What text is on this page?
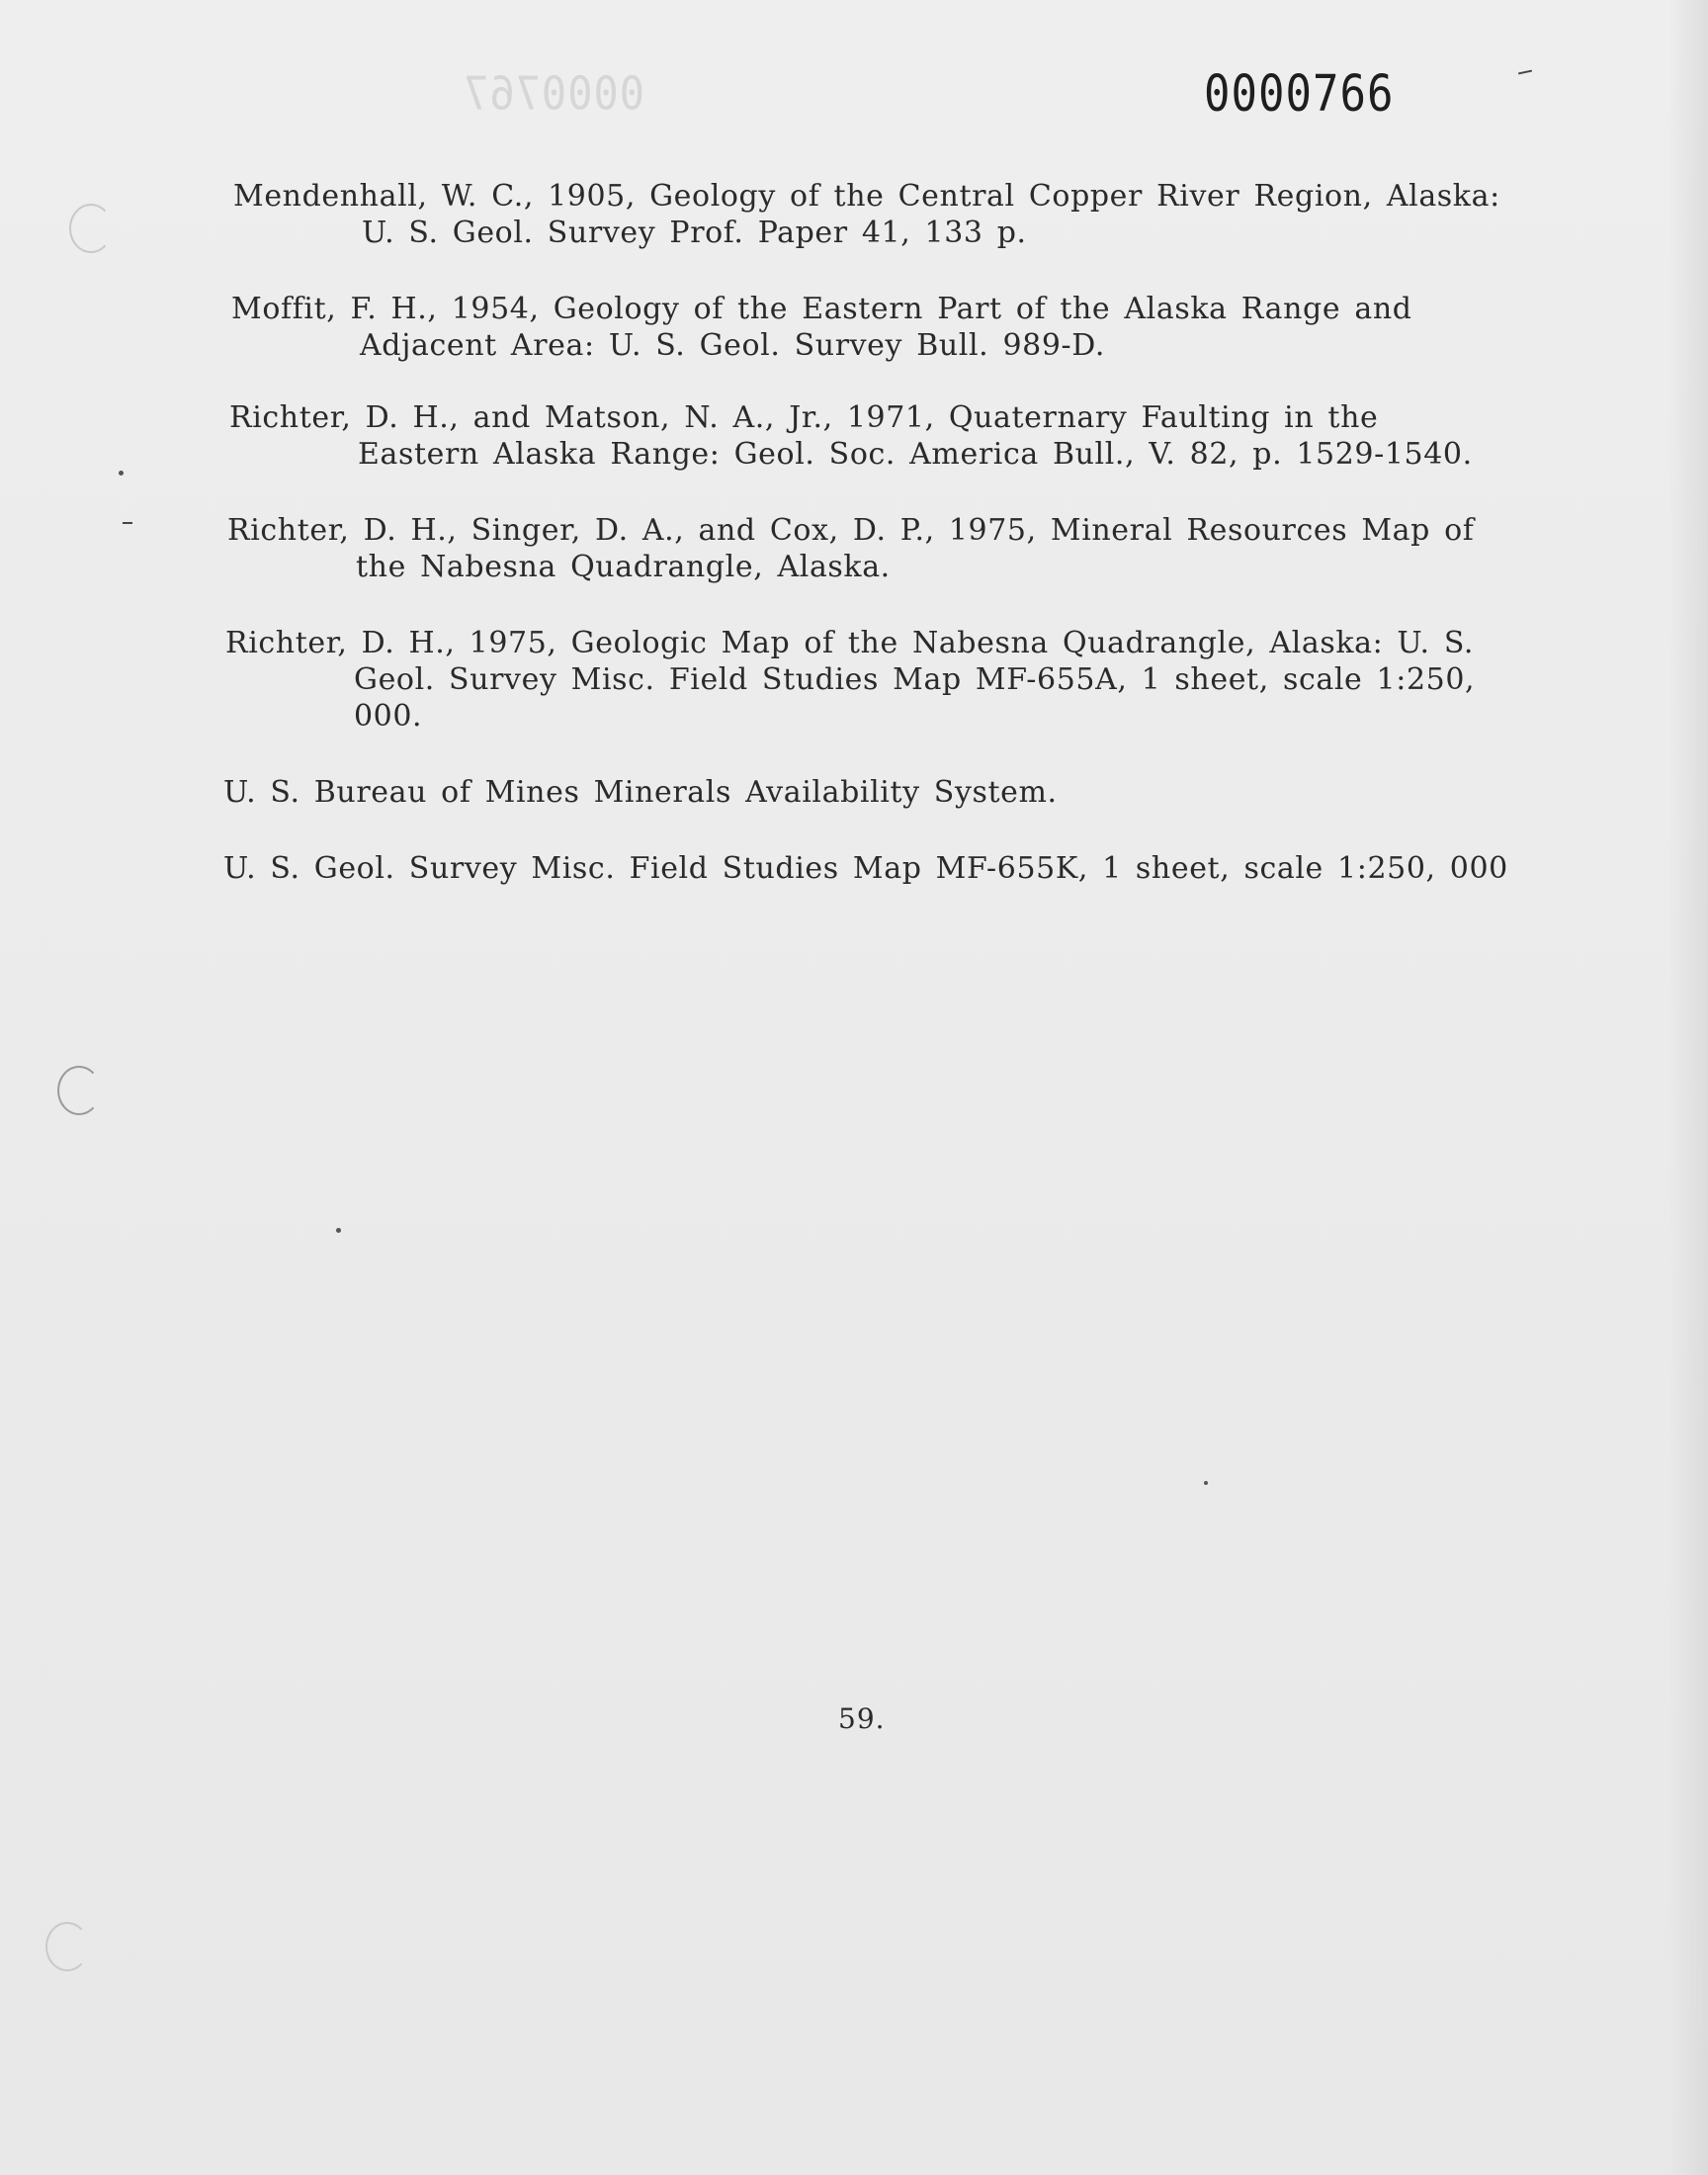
0000767	0000766

Mendenhall, W. C., 1905, Geology of the Central Copper River Region, Alaska: U. S. Geol. Survey Prof. Paper 41, 133 p.

Moffit, F. H., 1954, Geology of the Eastern Part of the Alaska Range and Adjacent Area: U. S. Geol. Survey Bull. 989-D.

Richter, D. H., and Matson, N. A., Jr., 1971, Quaternary Faulting in the Eastern Alaska Range: Geol. Soc. America Bull., V. 82, p. 1529-1540.

Richter, D. H., Singer, D. A., and Cox, D. P., 1975, Mineral Resources Map of the Nabesna Quadrangle, Alaska.

Richter, D. H., 1975, Geologic Map of the Nabesna Quadrangle, Alaska: U. S. Geol. Survey Misc. Field Studies Map MF-655A, 1 sheet, scale 1:250, 000.

U. S. Bureau of Mines Minerals Availability System.

U. S. Geol. Survey Misc. Field Studies Map MF-655K, 1 sheet, scale 1:250, 000

59.
